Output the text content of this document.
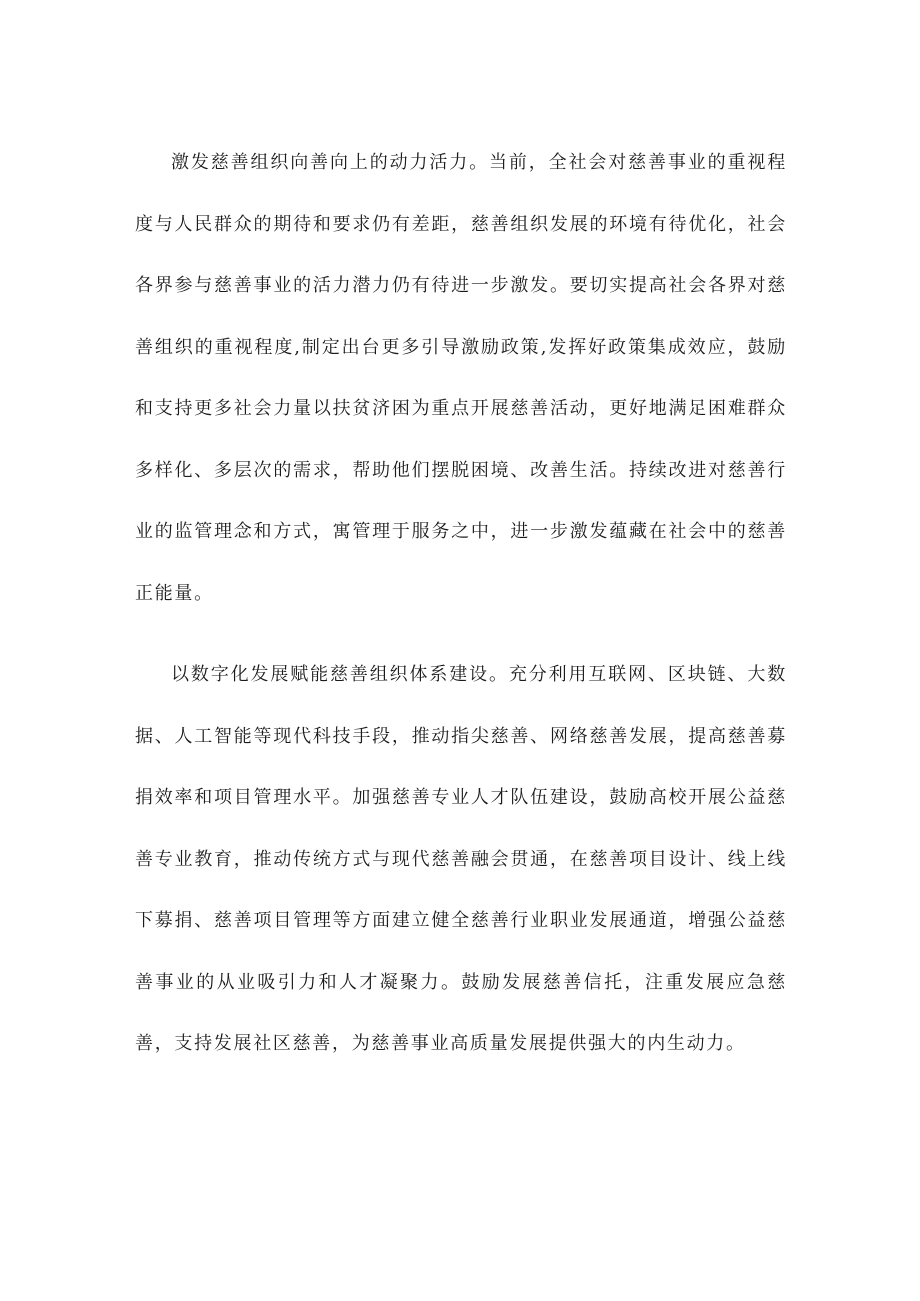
激发慈善组织向善向上的动力活力。当前，全社会对慈善事业的重视程度与人民群众的期待和要求仍有差距，慈善组织发展的环境有待优化，社会各界参与慈善事业的活力潜力仍有待进一步激发。要切实提高社会各界对慈善组织的重视程度,制定出台更多引导激励政策,发挥好政策集成效应，鼓励和支持更多社会力量以扶贫济困为重点开展慈善活动，更好地满足困难群众多样化、多层次的需求，帮助他们摆脱困境、改善生活。持续改进对慈善行业的监管理念和方式，寓管理于服务之中，进一步激发蕴藏在社会中的慈善正能量。

以数字化发展赋能慈善组织体系建设。充分利用互联网、区块链、大数据、人工智能等现代科技手段，推动指尖慈善、网络慈善发展，提高慈善募捐效率和项目管理水平。加强慈善专业人才队伍建设，鼓励高校开展公益慈善专业教育，推动传统方式与现代慈善融会贯通，在慈善项目设计、线上线下募捐、慈善项目管理等方面建立健全慈善行业职业发展通道，增强公益慈善事业的从业吸引力和人才凝聚力。鼓励发展慈善信托，注重发展应急慈善，支持发展社区慈善，为慈善事业高质量发展提供强大的内生动力。
